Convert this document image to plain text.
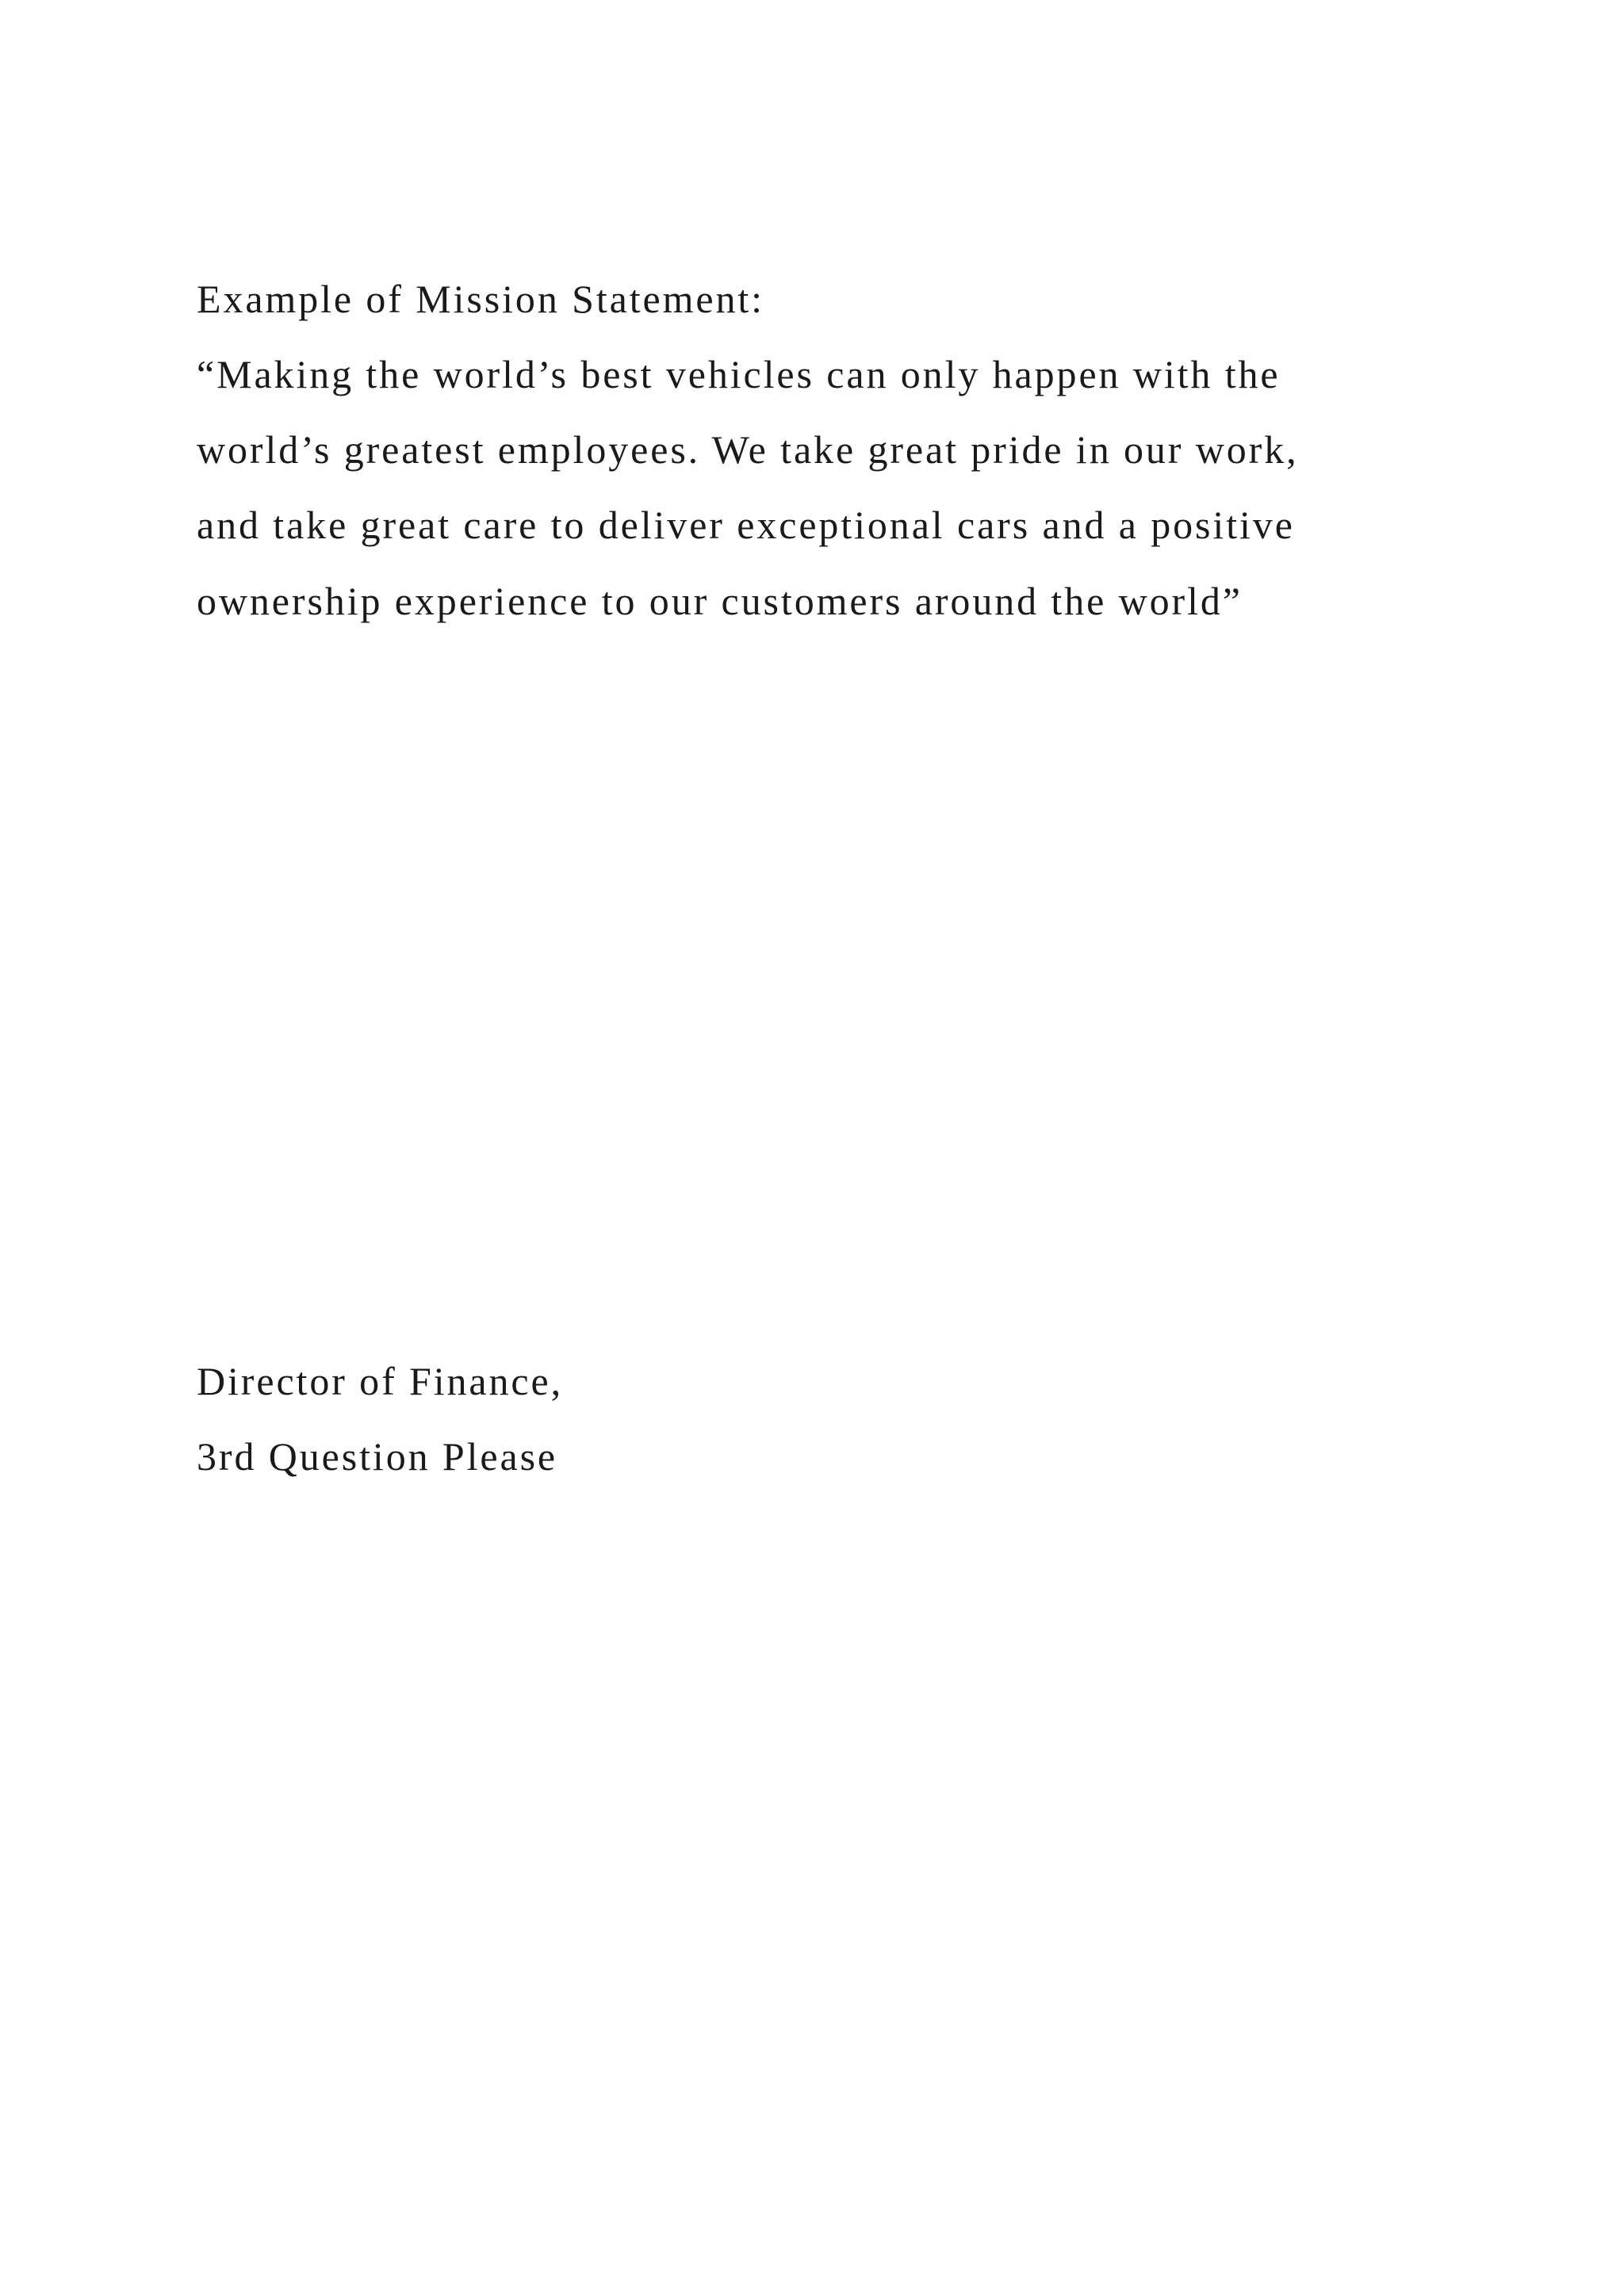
Example of Mission Statement:

“Making the world’s best vehicles can only happen with the

world’s greatest employees. We take great pride in our work,

and take great care to deliver exceptional cars and a positive

ownership experience to our customers around the world”

Director of Finance,

3rd Question Please
